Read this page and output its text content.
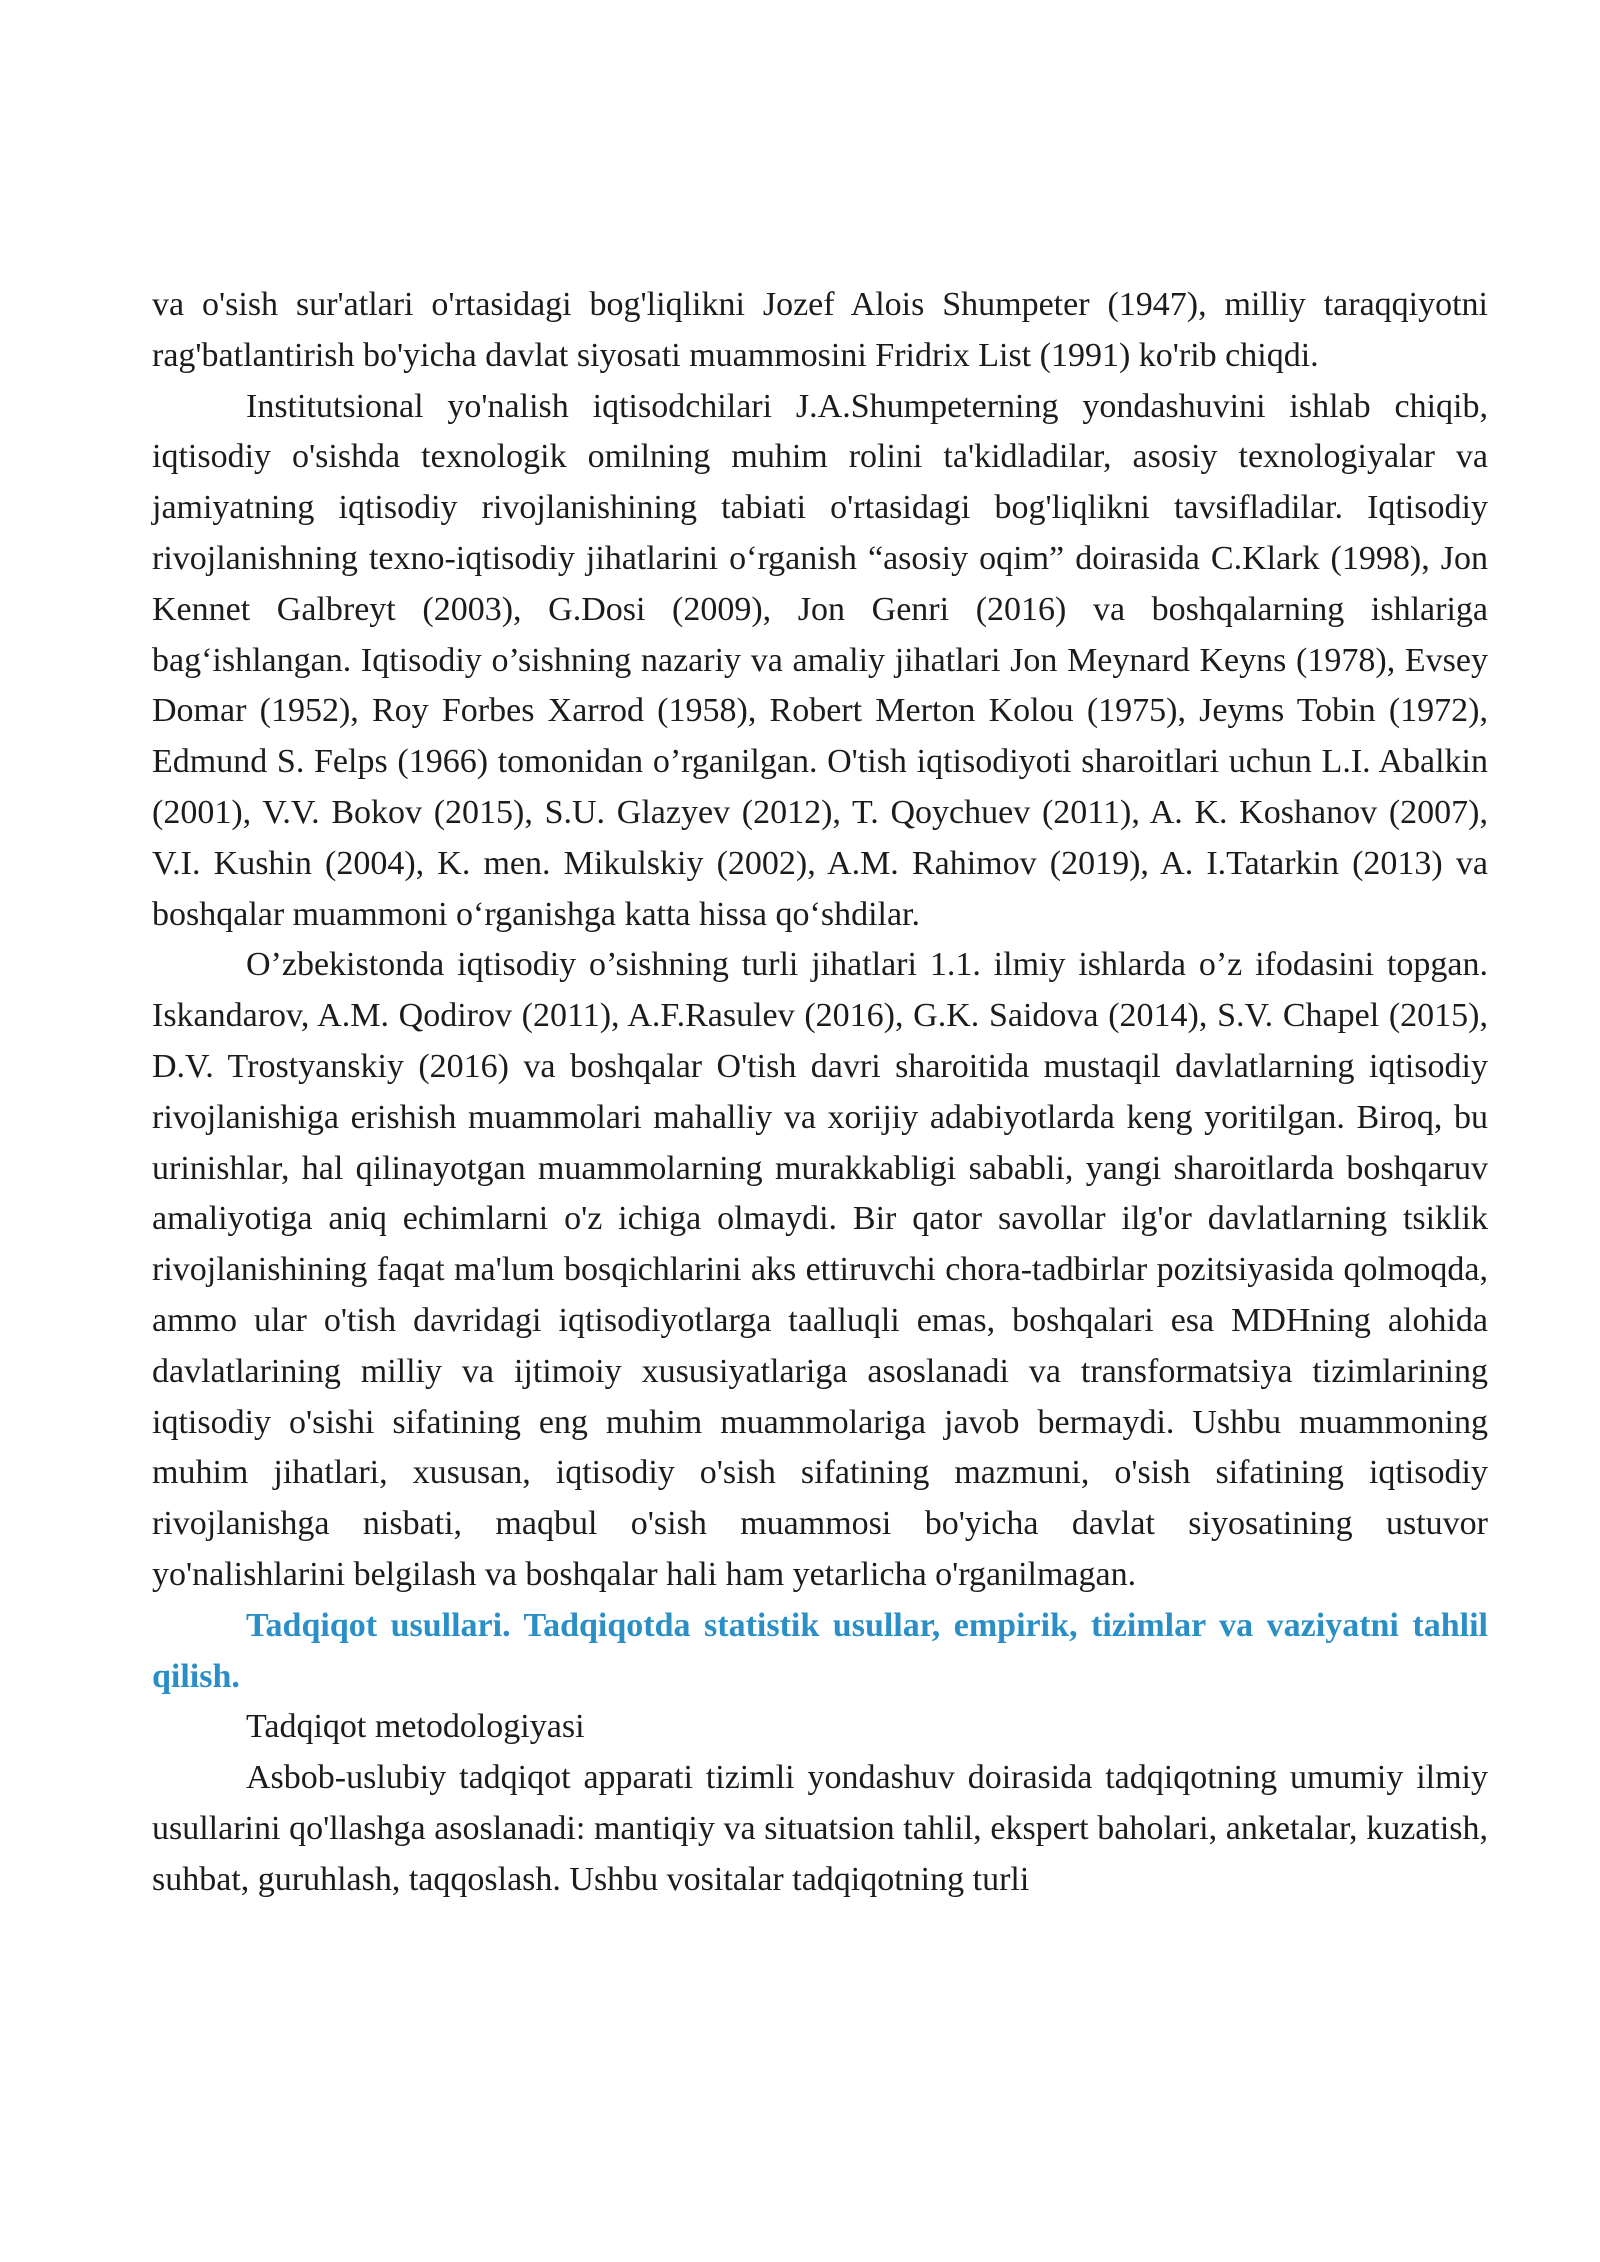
va o'sish sur'atlari o'rtasidagi bog'liqlikni Jozef Alois Shumpeter (1947), milliy taraqqiyotni rag'batlantirish bo'yicha davlat siyosati muammosini Fridrix List (1991) ko'rib chiqdi.

Institutsional yo'nalish iqtisodchilari J.A.Shumpeterning yondashuvini ishlab chiqib, iqtisodiy o'sishda texnologik omilning muhim rolini ta'kidladilar, asosiy texnologiyalar va jamiyatning iqtisodiy rivojlanishining tabiati o'rtasidagi bog'liqlikni tavsifladilar. Iqtisodiy rivojlanishning texno-iqtisodiy jihatlarini o‘rganish “asosiy oqim” doirasida C.Klark (1998), Jon Kennet Galbreyt (2003), G.Dosi (2009), Jon Genri (2016) va boshqalarning ishlariga bag‘ishlangan. Iqtisodiy o’sishning nazariy va amaliy jihatlari Jon Meynard Keyns (1978), Evsey Domar (1952), Roy Forbes Xarrod (1958), Robert Merton Kolou (1975), Jeyms Tobin (1972), Edmund S. Felps (1966) tomonidan o’rganilgan. O'tish iqtisodiyoti sharoitlari uchun L.I. Abalkin (2001), V.V. Bokov (2015), S.U. Glazyev (2012), T. Qoychuev (2011), A. K. Koshanov (2007), V.I. Kushin (2004), K. men. Mikulskiy (2002), A.M. Rahimov (2019), A. I.Tatarkin (2013) va boshqalar muammoni o‘rganishga katta hissa qo‘shdilar.

O’zbekistonda iqtisodiy o’sishning turli jihatlari 1.1. ilmiy ishlarda o’z ifodasini topgan. Iskandarov, A.M. Qodirov (2011), A.F.Rasulev (2016), G.K. Saidova (2014), S.V. Chapel (2015), D.V. Trostyanskiy (2016) va boshqalar O'tish davri sharoitida mustaqil davlatlarning iqtisodiy rivojlanishiga erishish muammolari mahalliy va xorijiy adabiyotlarda keng yoritilgan. Biroq, bu urinishlar, hal qilinayotgan muammolarning murakkabligi sababli, yangi sharoitlarda boshqaruv amaliyotiga aniq echimlarni o'z ichiga olmaydi. Bir qator savollar ilg'or davlatlarning tsiklik rivojlanishining faqat ma'lum bosqichlarini aks ettiruvchi chora-tadbirlar pozitsiyasida qolmoqda, ammo ular o'tish davridagi iqtisodiyotlarga taalluqli emas, boshqalari esa MDHning alohida davlatlarining milliy va ijtimoiy xususiyatlariga asoslanadi va transformatsiya tizimlarining iqtisodiy o'sishi sifatining eng muhim muammolariga javob bermaydi. Ushbu muammoning muhim jihatlari, xususan, iqtisodiy o'sish sifatining mazmuni, o'sish sifatining iqtisodiy rivojlanishga nisbati, maqbul o'sish muammosi bo'yicha davlat siyosatining ustuvor yo'nalishlarini belgilash va boshqalar hali ham yetarlicha o'rganilmagan.

Tadqiqot usullari. Tadqiqotda statistik usullar, empirik, tizimlar va vaziyatni tahlil qilish.

Tadqiqot metodologiyasi

Asbob-uslubiy tadqiqot apparati tizimli yondashuv doirasida tadqiqotning umumiy ilmiy usullarini qo'llashga asoslanadi: mantiqiy va situatsion tahlil, ekspert baholari, anketalar, kuzatish, suhbat, guruhlash, taqqoslash. Ushbu vositalar tadqiqotning turli
